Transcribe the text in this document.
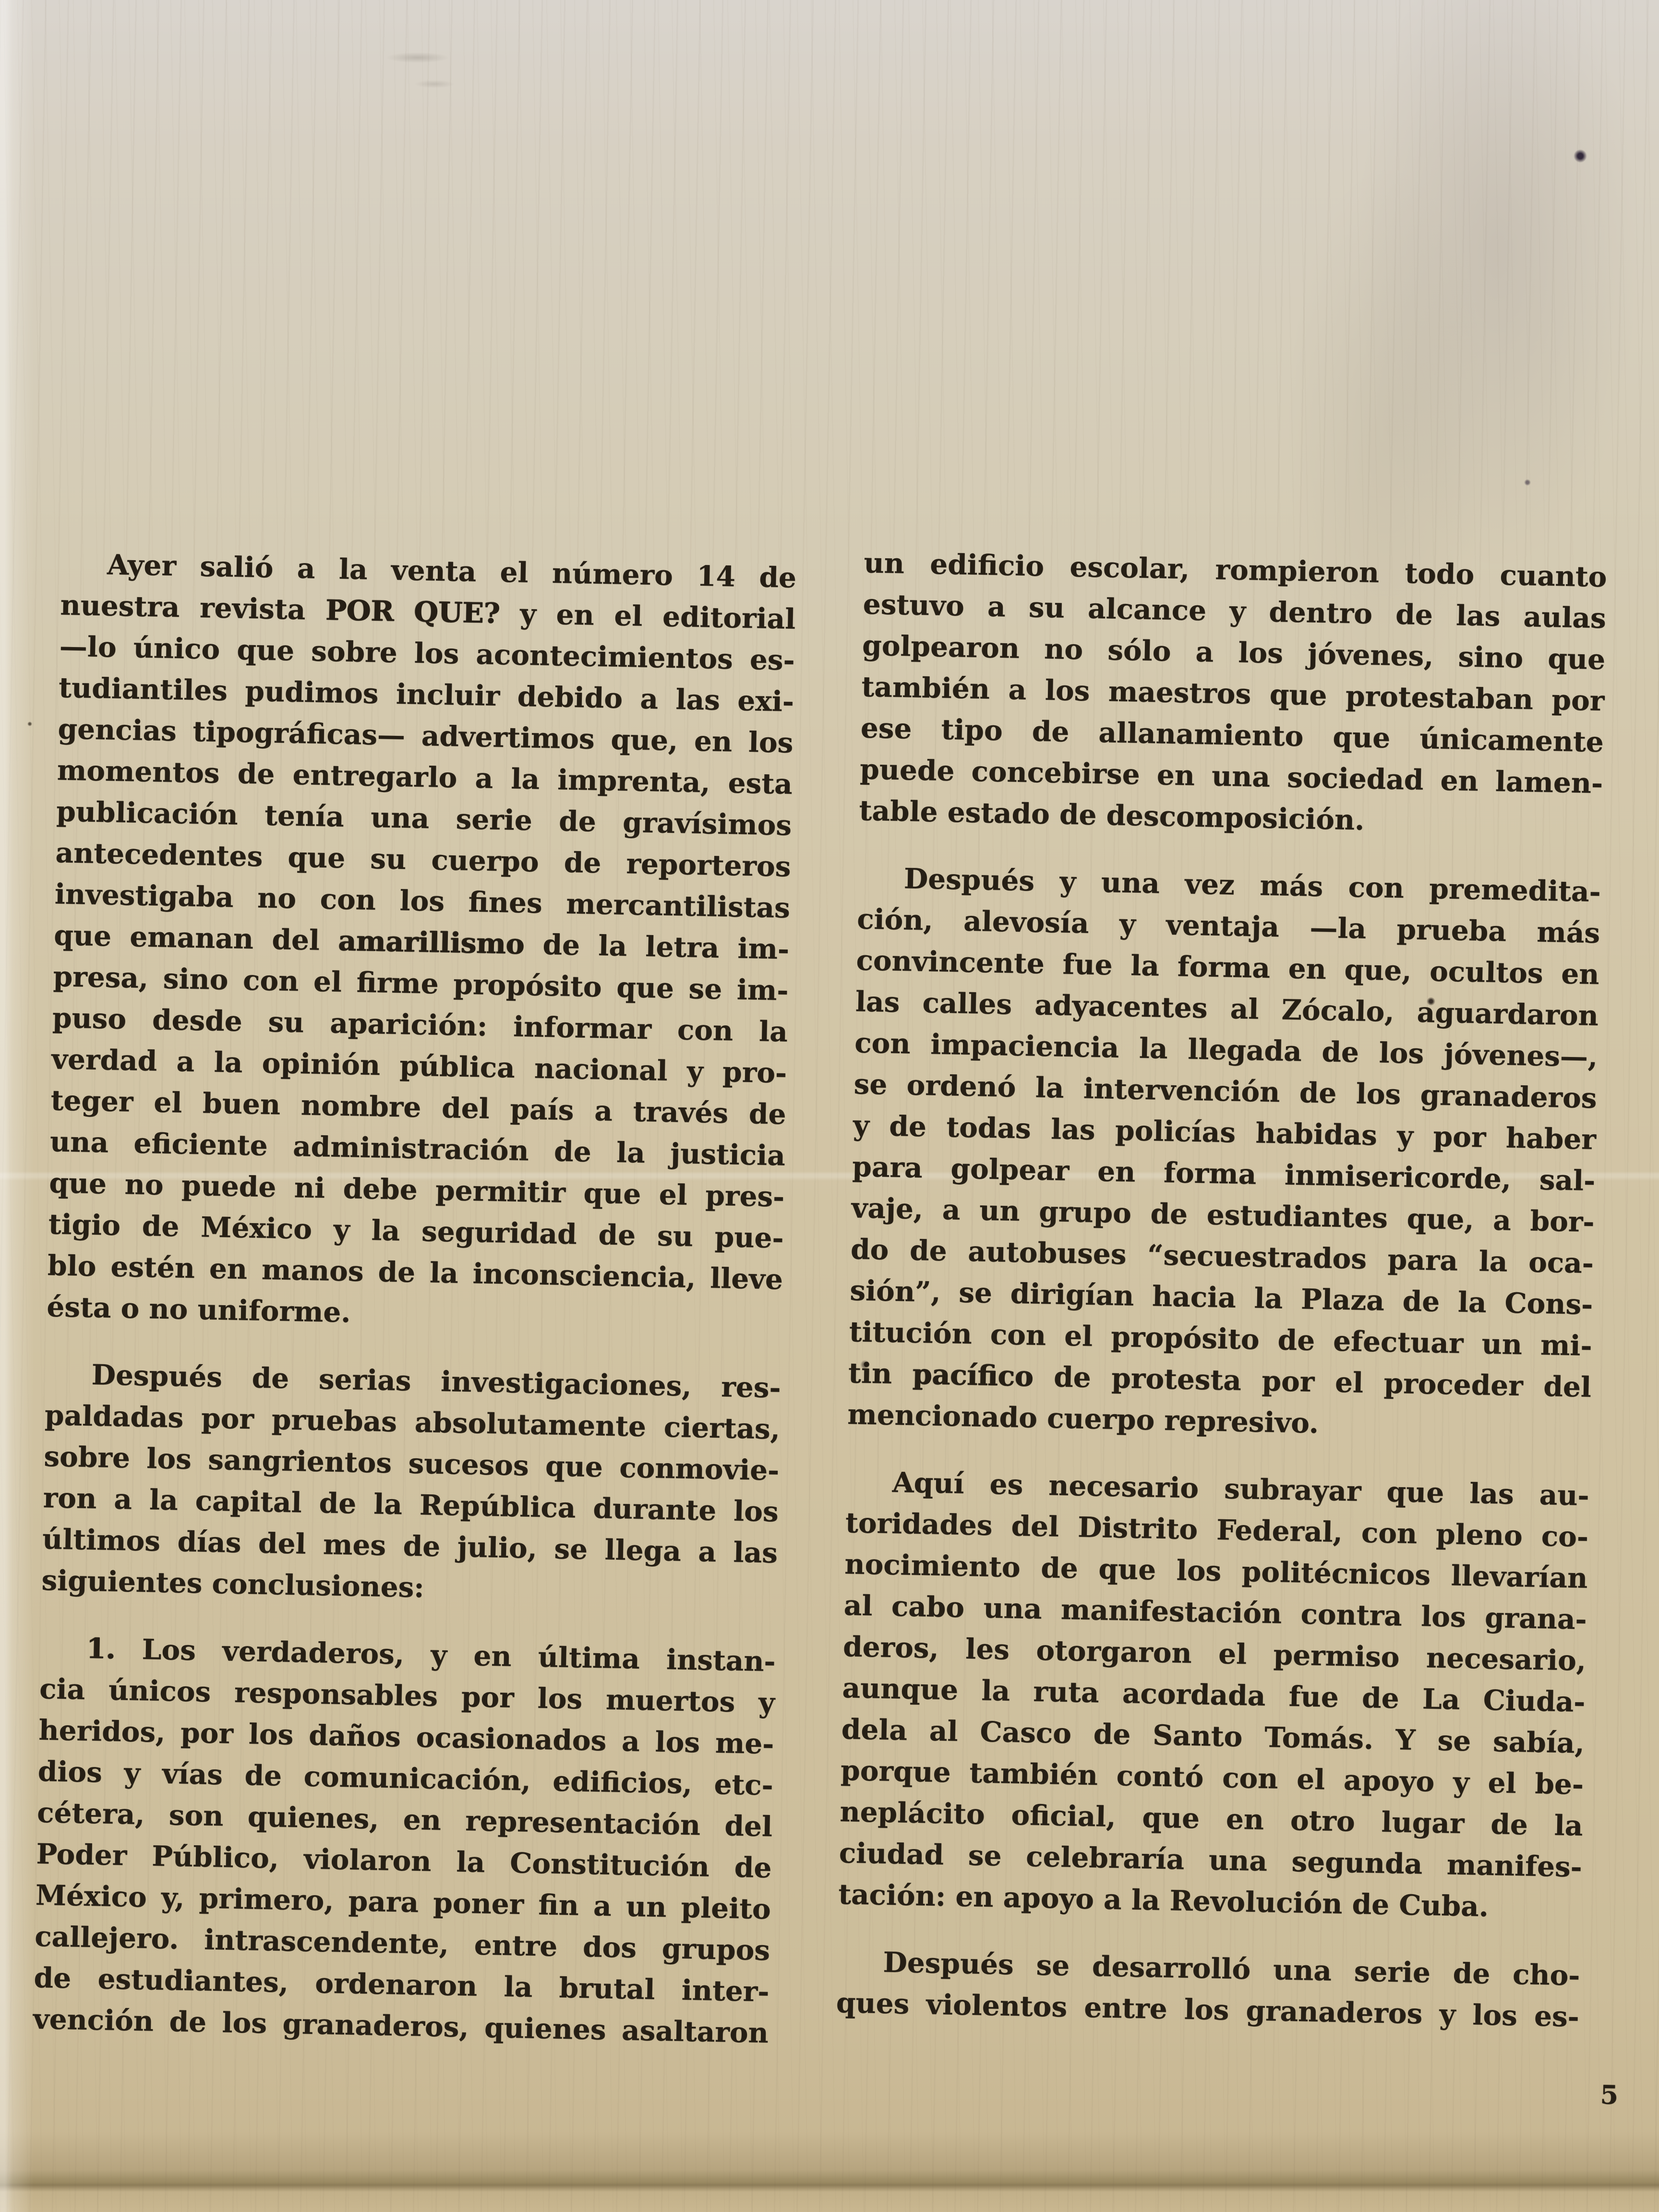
Ayer salió a la venta el número 14 de
nuestra revista POR QUE? y en el editorial
—lo único que sobre los acontecimientos es-
tudiantiles pudimos incluir debido a las exi-
gencias tipográficas— advertimos que, en los
momentos de entregarlo a la imprenta, esta
publicación tenía una serie de gravísimos
antecedentes que su cuerpo de reporteros
investigaba no con los fines mercantilistas
que emanan del amarillismo de la letra im-
presa, sino con el firme propósito que se im-
puso desde su aparición: informar con la
verdad a la opinión pública nacional y pro-
teger el buen nombre del país a través de
una eficiente administración de la justicia
que no puede ni debe permitir que el pres-
tigio de México y la seguridad de su pue-
blo estén en manos de la inconsciencia, lleve
ésta o no uniforme.
Después de serias investigaciones, res-
paldadas por pruebas absolutamente ciertas,
sobre los sangrientos sucesos que conmovie-
ron a la capital de la República durante los
últimos días del mes de julio, se llega a las
siguientes conclusiones:
1. Los verdaderos, y en última instan-
cia únicos responsables por los muertos y
heridos, por los daños ocasionados a los me-
dios y vías de comunicación, edificios, etc-
cétera, son quienes, en representación del
Poder Público, violaron la Constitución de
México y, primero, para poner fin a un pleito
callejero. intrascendente, entre dos grupos
de estudiantes, ordenaron la brutal inter-
vención de los granaderos, quienes asaltaron
un edificio escolar, rompieron todo cuanto
estuvo a su alcance y dentro de las aulas
golpearon no sólo a los jóvenes, sino que
también a los maestros que protestaban por
ese tipo de allanamiento que únicamente
puede concebirse en una sociedad en lamen-
table estado de descomposición.
Después y una vez más con premedita-
ción, alevosía y ventaja —la prueba más
convincente fue la forma en que, ocultos en
las calles adyacentes al Zócalo, aguardaron
con impaciencia la llegada de los jóvenes—,
se ordenó la intervención de los granaderos
y de todas las policías habidas y por haber
para golpear en forma inmisericorde, sal-
vaje, a un grupo de estudiantes que, a bor-
do de autobuses “secuestrados para la oca-
sión”, se dirigían hacia la Plaza de la Cons-
titución con el propósito de efectuar un mi-
tin pacífico de protesta por el proceder del
mencionado cuerpo represivo.
Aquí es necesario subrayar que las au-
toridades del Distrito Federal, con pleno co-
nocimiento de que los politécnicos llevarían
al cabo una manifestación contra los grana-
deros, les otorgaron el permiso necesario,
aunque la ruta acordada fue de La Ciuda-
dela al Casco de Santo Tomás. Y se sabía,
porque también contó con el apoyo y el be-
neplácito oficial, que en otro lugar de la
ciudad se celebraría una segunda manifes-
tación: en apoyo a la Revolución de Cuba.
Después se desarrolló una serie de cho-
ques violentos entre los granaderos y los es-
5
